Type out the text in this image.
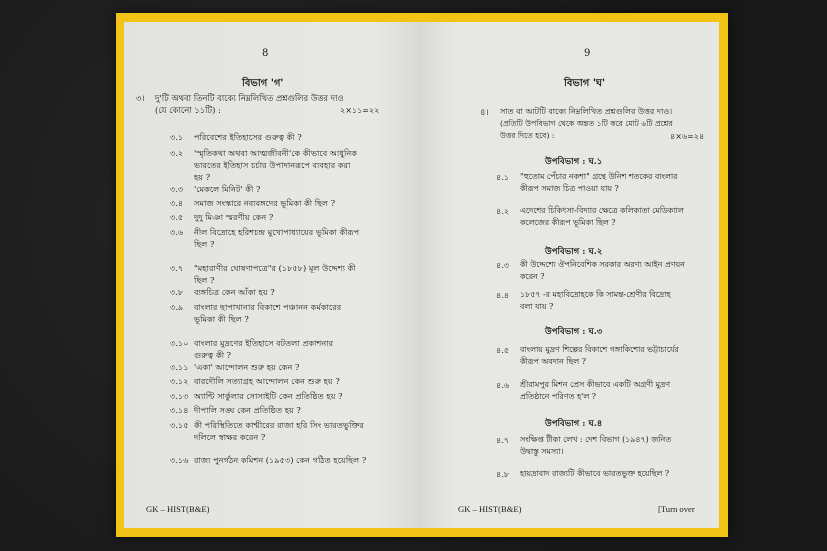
8
বিভাগ 'গ'
৩। দু'টি অথবা তিনটি বাক্যে নিম্নলিখিত প্রশ্নগুলির উত্তর দাও
(যে কোনো ১১টি) :	২×১১=২২
৩.১ পরিবেশের ইতিহাসের গুরুত্ব কী ?
৩.২ 'স্মৃতিকথা অথবা আত্মজীবনী'কে কীভাবে আধুনিক
ভারতের ইতিহাস চর্চার উপাদানরূপে ব্যবহার করা
হয় ?
৩.৩ 'মেকলে মিনিট' কী ?
৩.৪ সমাজ সংস্কারে নব্যবঙ্গদের ভূমিকা কী ছিল ?
৩.৫ দুদু মিঞা স্মরণীয় কেন ?
৩.৬ নীল বিদ্রোহে হরিশচন্দ্র মুখোপাধ্যায়ের ভূমিকা কীরূপ
ছিল ?
৩.৭ "মহারাণীর ঘোষণাপত্রে"র (১৮৫৮) মূল উদ্দেশ্য কী
ছিল ?
৩.৮ ব্যঙ্গচিত্র কেন আঁকা হয় ?
৩.৯ বাংলার ছাপাখানার বিকাশে পঞ্চানন কর্মকারের
ভূমিকা কী ছিল ?
৩.১০ বাংলার মুদ্রণের ইতিহাসে বটতলা প্রকাশনার
গুরুত্ব কী ?
৩.১১ 'একা' আন্দোলন শুরু হয় কেন ?
৩.১২ বারদৌলি সত্যাগ্রহ আন্দোলন কেন শুরু হয় ?
৩.১৩ অ্যান্টি সার্কুলার সোসাইটি কেন প্রতিষ্ঠিত হয় ?
৩.১৪ দীপালি সঙ্ঘ কেন প্রতিষ্ঠিত হয় ?
৩.১৫ কী পরিস্থিতিতে কাশ্মীরের রাজা হরি সিং ভারতভুক্তির
দলিলে স্বাক্ষর করেন ?
৩.১৬ রাজ্য পুনর্গঠন কমিশন (১৯৫৩) কেন গঠিত হয়েছিল ?
GK – HIST(B&E)
9
বিভাগ 'ঘ'
৪। সাত বা আটটি বাক্যে নিম্নলিখিত প্রশ্নগুলির উত্তর দাও।
(প্রতিটি উপবিভাগ থেকে অন্তত ১টি করে মোট ৬টি প্রশ্নের
উত্তর দিতে হবে) :	৪×৬=২৪
উপবিভাগ : ঘ.১
৪.১ "হুতোম পেঁচার নকশা" গ্রন্থে উনিশ শতকের বাংলার
কীরূপ সমাজ চিত্র পাওয়া যায় ?
৪.২ এদেশের চিকিৎসা-বিদ্যার ক্ষেত্রে কলিকাতা মেডিক্যাল
কলেজের কীরূপ ভূমিকা ছিল ?
উপবিভাগ : ঘ.২
৪.৩ কী উদ্দেশ্যে ঔপনিবেশিক সরকার অরণ্য আইন প্রণয়ন
করেন ?
৪.৪ ১৮৫৭ -র মহাবিদ্রোহকে কি সামন্ত-শ্রেণীর বিদ্রোহ
বলা যায় ?
উপবিভাগ : ঘ.৩
৪.৫ বাংলায় মুদ্রণ শিল্পের বিকাশে গঙ্গাকিশোর ভট্টাচার্যের
কীরূপ অবদান ছিল ?
৪.৬ শ্রীরামপুর মিশন প্রেস কীভাবে একটি অগ্রণী মুদ্রণ
প্রতিষ্ঠানে পরিণত হ'ল ?
উপবিভাগ : ঘ.৪
৪.৭ সংক্ষিপ্ত টীকা লেখ : দেশ বিভাগ (১৯৪৭) জনিত
উদ্বাস্তু সমস্যা।
৪.৮ হায়দ্রাবাদ রাজ্যটি কীভাবে ভারতভুক্ত হয়েছিল ?
GK – HIST(B&E)	[Turn over
